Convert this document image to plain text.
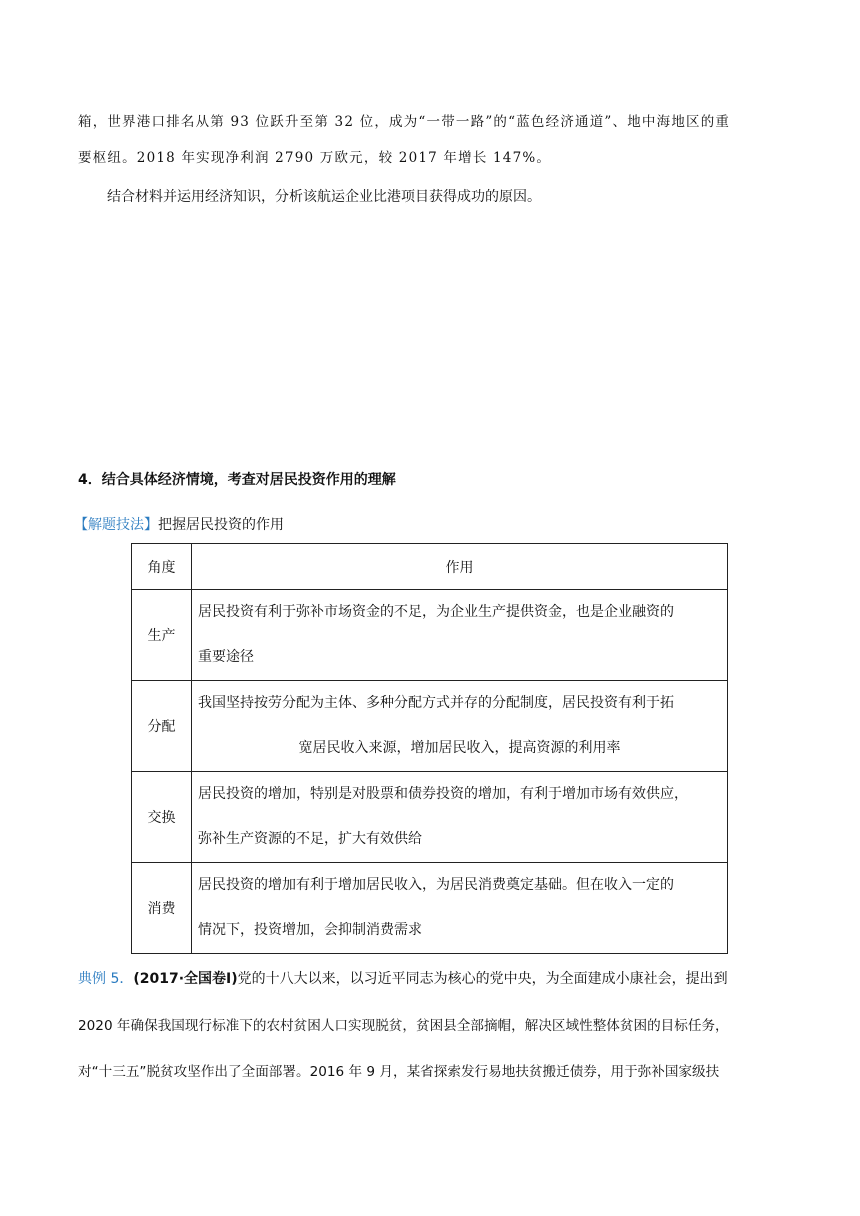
箱，世界港口排名从第 93 位跃升至第 32 位，成为“一带一路”的“蓝色经济通道”、地中海地区的重
要枢纽。2018 年实现净利润 2790 万欧元，较 2017 年增长 147%。
结合材料并运用经济知识，分析该航运企业比港项目获得成功的原因。
4．结合具体经济情境，考查对居民投资作用的理解
【解题技法】把握居民投资的作用
角度	作用
生产	居民投资有利于弥补市场资金的不足，为企业生产提供资金，也是企业融资的

重要途径

分配	我国坚持按劳分配为主体、多种分配方式并存的分配制度，居民投资有利于拓

宽居民收入来源，增加居民收入，提高资源的利用率

交换	居民投资的增加，特别是对股票和债券投资的增加，有利于增加市场有效供应，

弥补生产资源的不足，扩大有效供给

消费	居民投资的增加有利于增加居民收入，为居民消费奠定基础。但在收入一定的

情况下，投资增加，会抑制消费需求

典例 5．(2017·全国卷Ⅰ)党的十八大以来，以习近平同志为核心的党中央，为全面建成小康社会，提出到
2020 年确保我国现行标准下的农村贫困人口实现脱贫，贫困县全部摘帽，解决区域性整体贫困的目标任务，
对“十三五”脱贫攻坚作出了全面部署。2016 年 9 月，某省探索发行易地扶贫搬迁债券，用于弥补国家级扶
